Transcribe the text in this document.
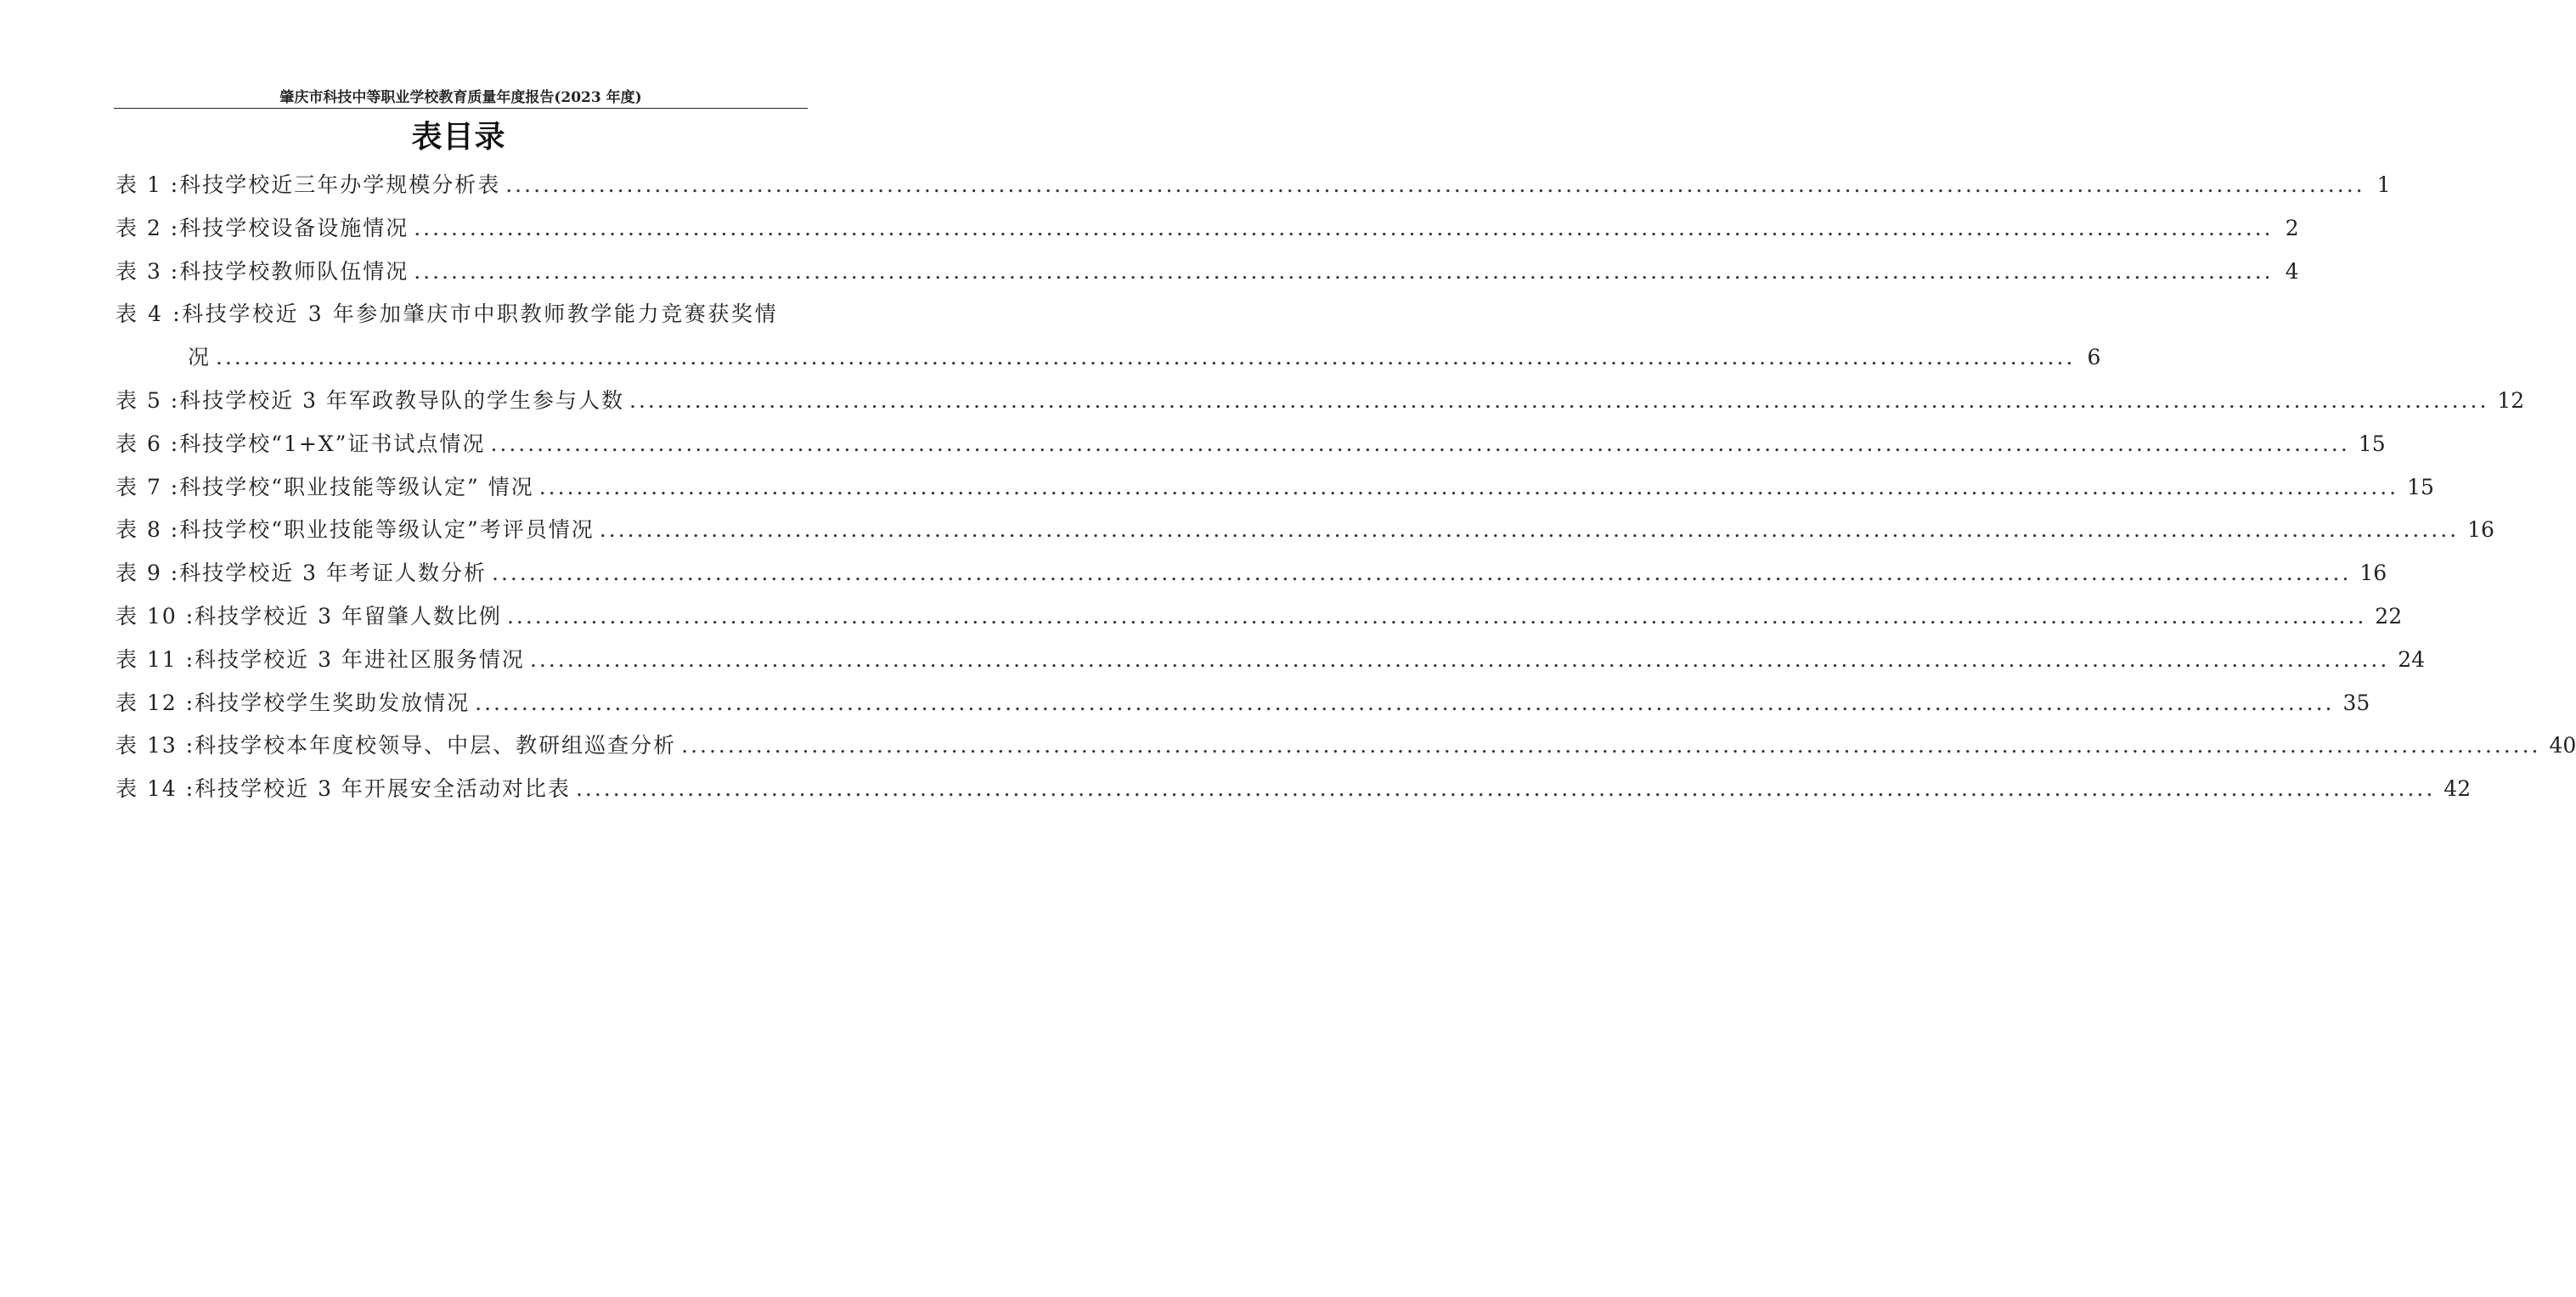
肇庆市科技中等职业学校教育质量年度报告(2023 年度)
表目录
表 1 :科技学校近三年办学规模分析表 .....	1
表 2 :科技学校设备设施情况 .....	2
表 3 :科技学校教师队伍情况 .....	4
表 4 :科技学校近 3 年参加肇庆市中职教师教学能力竞赛获奖情
况 .....	6
表 5 :科技学校近 3 年军政教导队的学生参与人数 .....	12
表 6 :科技学校“1+X”证书试点情况 .....	15
表 7 :科技学校“职业技能等级认定” 情况 .....	15
表 8 :科技学校“职业技能等级认定”考评员情况 .....	16
表 9 :科技学校近 3 年考证人数分析 .....	16
表 10 :科技学校近 3 年留肇人数比例 .....	22
表 11 :科技学校近 3 年进社区服务情况 .....	24
表 12 :科技学校学生奖助发放情况 .....	35
表 13 :科技学校本年度校领导、中层、教研组巡查分析 .....	40
表 14 :科技学校近 3 年开展安全活动对比表 .....	42
